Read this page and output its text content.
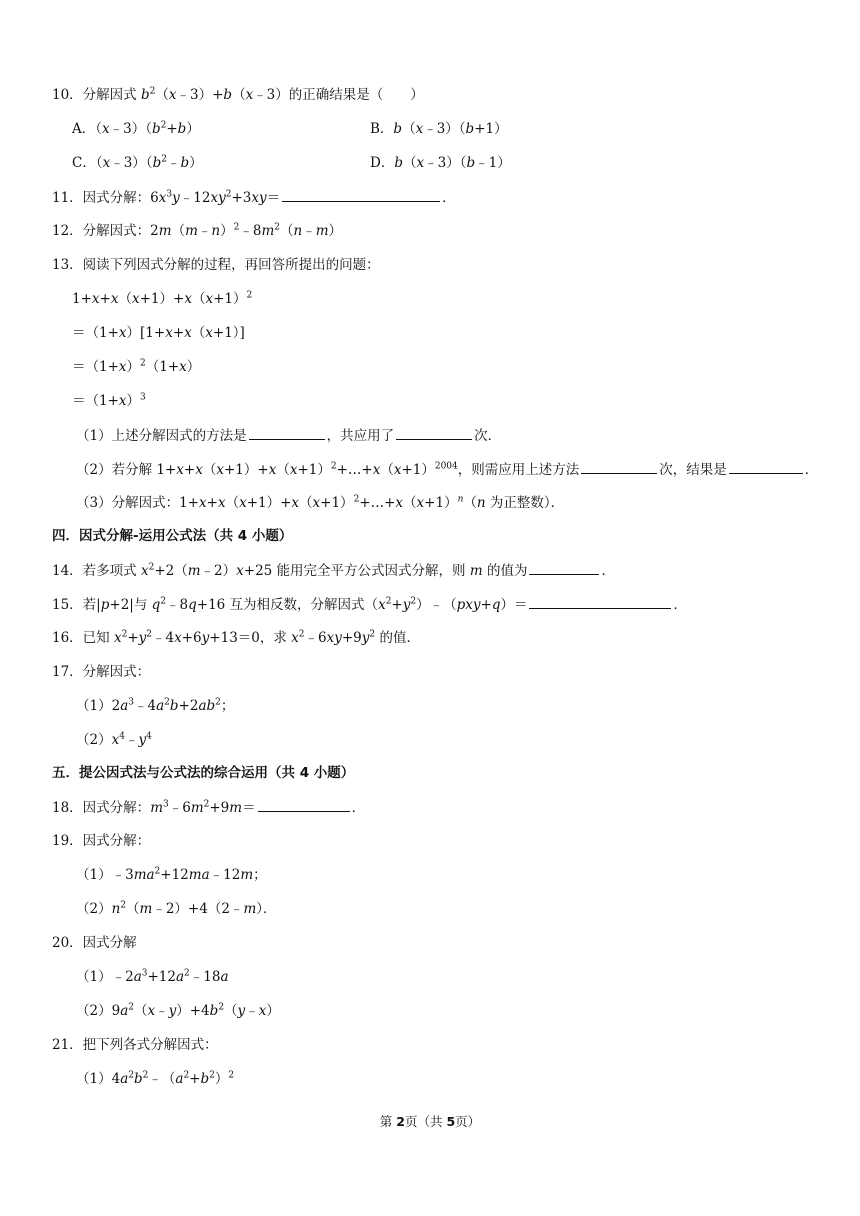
10．分解因式 $b^2(x﹣3)+b(x﹣3)$的正确结果是（　　）
A．$(x﹣3)(b^2+b)$	B．b（x﹣3）（b+1）
C．$(x﹣3)(b^2﹣b)$	D．b（x﹣3）（b﹣1）
11．因式分解：$6x^3y﹣12xy^2+3xy=$	．
12．分解因式：$2m(m﹣n)^2﹣8m^2(n﹣m)$
13．阅读下列因式分解的过程，再回答所提出的问题：
$1+x+x(x+1)+x(x+1)^2$
＝（1+x）[1+x+x（x+1）]
$=(1+x)^2(1+x)$
$=(1+x)^3$
（1）上述分解因式的方法是	，共应用了	次．
（2）若分解 $1+x+x(x+1)+x(x+1)^2+\dots+x(x+1)^{2004}$，则需应用上述方法	次，结果是	．
（3）分解因式：$1+x+x(x+1)+x(x+1)^2+\dots+x(x+1)^n(n$ 为正整数）．
四．因式分解-运用公式法（共 4 小题）
14．若多项式 $x^2+2(m﹣2)x+25$ 能用完全平方公式因式分解，则 m 的值为	．
15．若|p+2|与 $q^2﹣8q+16$ 互为相反数，分解因式$(x^2+y^2)﹣(pxy+q)=$	．
16．已知 $x^2+y^2﹣4x+6y+13=0$，求 $x^2﹣6xy+9y^2$ 的值．
17．分解因式：
$(1)2a^3﹣4a^2b+2ab^2$；
$(2)x^4﹣y^4$
五．提公因式法与公式法的综合运用（共 4 小题）
18．因式分解：$m^3﹣6m^2+9m=$	．
19．因式分解：
$(1)﹣3ma^2+12ma﹣12m$；
$(2)n^2(m﹣2)+4(2﹣m)$．
20．因式分解
$(1)﹣2a^3+12a^2﹣18a$
$(2)9a^2(x﹣y)+4b^2(y﹣x)$
21．把下列各式分解因式：
$(1)4a^2b^2﹣(a^2+b^2)^2$
第 2页（共 5页）
